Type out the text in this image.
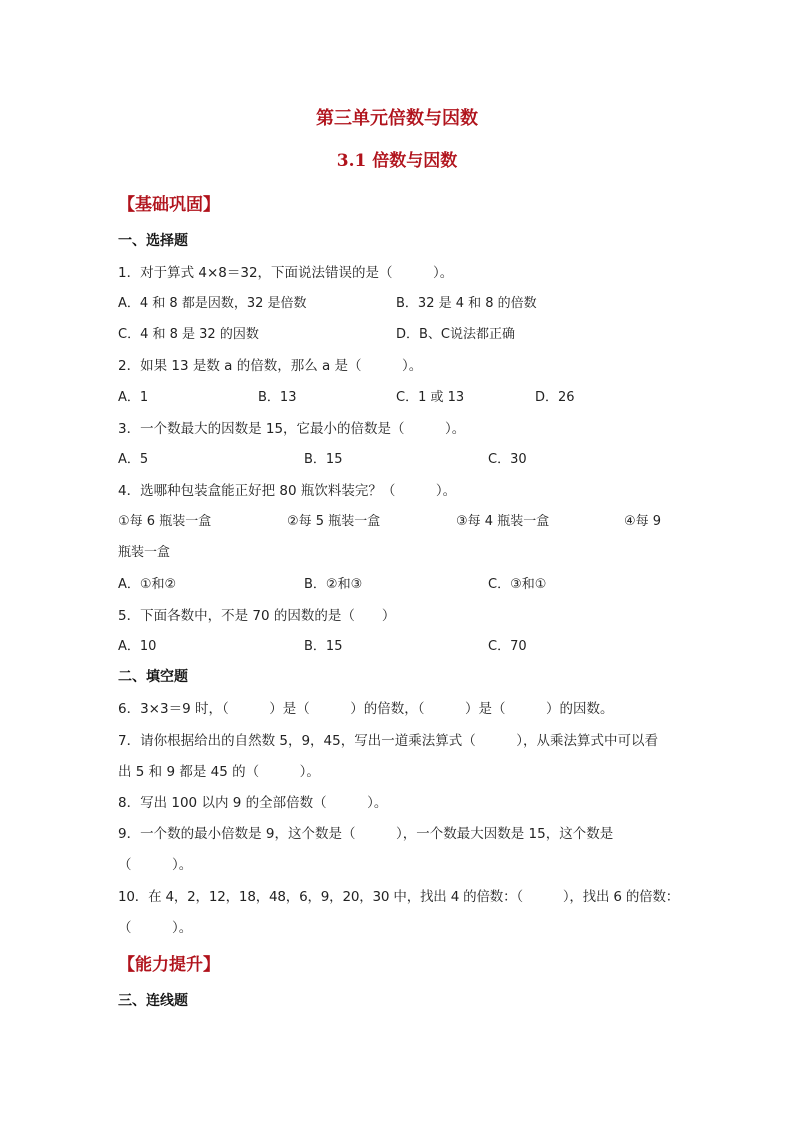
第三单元倍数与因数
3.1 倍数与因数
【基础巩固】
一、选择题
1．对于算式 4×8＝32，下面说法错误的是（　　　）。
A．4 和 8 都是因数，32 是倍数	B．32 是 4 和 8 的倍数
C．4 和 8 是 32 的因数	D．B、C说法都正确
2．如果 13 是数 a 的倍数，那么 a 是（　　　）。
A．1	B．13	C．1 或 13	D．26
3．一个数最大的因数是 15，它最小的倍数是（　　　）。
A．5	B．15	C．30
4．选哪种包装盒能正好把 80 瓶饮料装完？（　　　）。
①每 6 瓶装一盒	②每 5 瓶装一盒	③每 4 瓶装一盒	④每 9
瓶装一盒
A．①和②	B．②和③	C．③和①
5．下面各数中，不是 70 的因数的是（　　）
A．10	B．15	C．70
二、填空题
6．3×3＝9 时，（　　　）是（　　　）的倍数，（　　　）是（　　　）的因数。
7．请你根据给出的自然数 5，9，45，写出一道乘法算式（　　　），从乘法算式中可以看
出 5 和 9 都是 45 的（　　　）。
8．写出 100 以内 9 的全部倍数（　　　）。
9．一个数的最小倍数是 9，这个数是（　　　），一个数最大因数是 15，这个数是
（　　　）。
10．在 4，2，12，18，48，6，9，20，30 中，找出 4 的倍数：（　　　），找出 6 的倍数：
（　　　）。
【能力提升】
三、连线题
